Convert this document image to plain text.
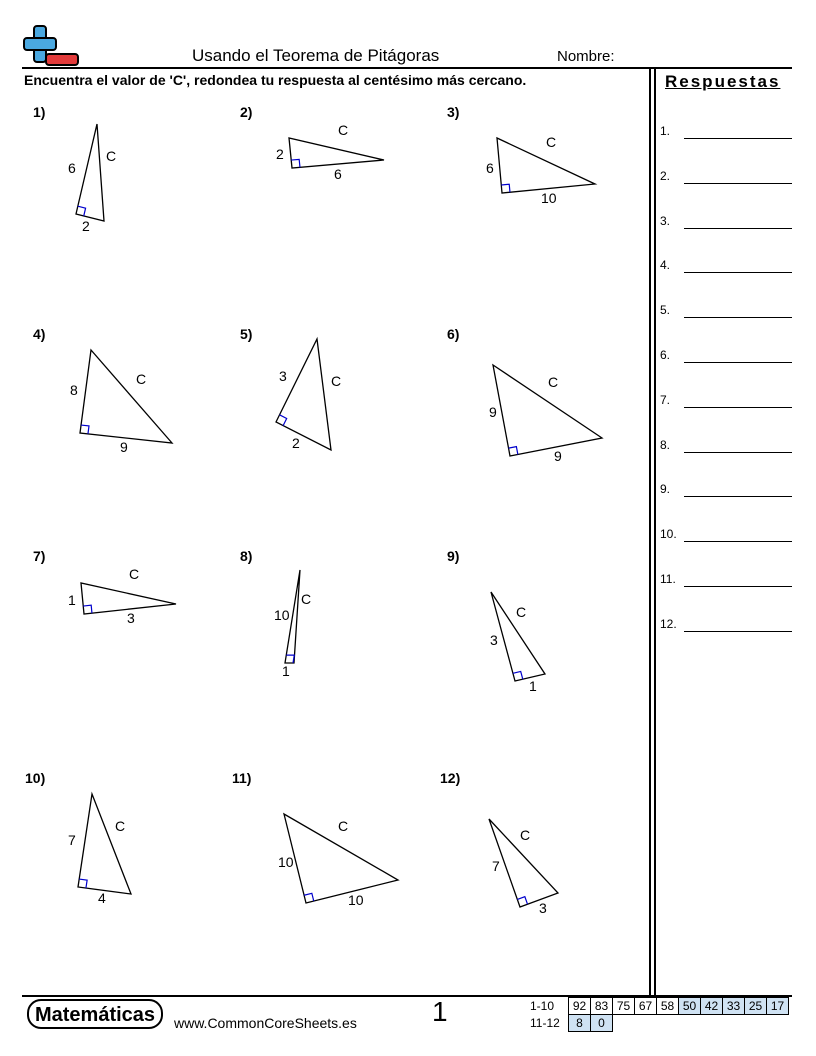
Usando el Teorema de Pitágoras	Nombre:
Encuentra el valor de 'C', redondea tu respuesta al centésimo más cercano.	Respuestas
1.
2.
3.
4.
5.
6.
7.
8.
9.
10.
11.
12.
6
2
C	2
6
C
6
10
C
8
9
C	3
2
C
9
9
C
1
3
C
10
1
C
3
1
C
7
4
C
10
10
C
7
3
C
1)	2)	3)
4)	5)	6)
7)	8)	9)
10)	11)	12)
Matemáticas	www.CommonCoreSheets.es	1	1-10	92	83	75	67	58	50	42	33	25	17
11-12	8	0								
